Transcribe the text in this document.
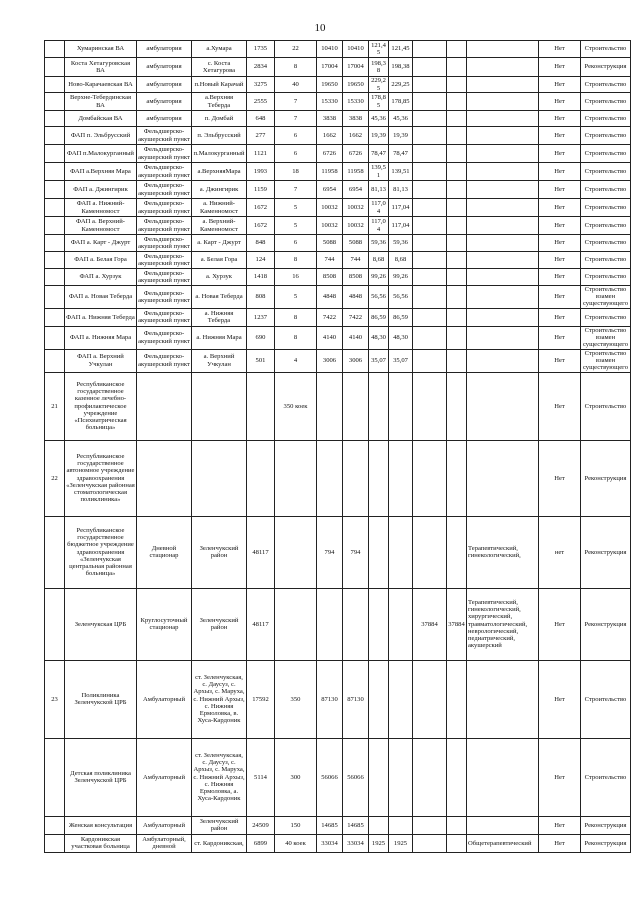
10
	Хумаринская ВА	амбулатория	а.Хумара	1735	22	10410	10410	121,45	121,45				Нет	Строительство
	Коста Хетагуровская ВА	амбулатория	с. Коста Хетагурова	2834	8	17004	17004	198,38	198,38				Нет	Реконструкция
	Ново-Карачаевская ВА	амбулатория	п.Новый Карачай	3275	40	19650	19650	229,25	229,25				Нет	Строительство
	Верхне-Тебердинская ВА	амбулатория	а.Верхняя Теберда	2555	7	15330	15330	178,85	178,85				Нет	Строительство
	Домбайская ВА	амбулатория	п. Домбай	648	7	3838	3838	45,36	45,36				Нет	Строительство
	ФАП п. Эльбрусский	Фельдшерско-акушерский пункт	п. Эльбрусский	277	6	1662	1662	19,39	19,39				Нет	Строительство
	ФАП п.Малокурганный	Фельдшерско-акушерский пункт	п.Малокурганный	1121	6	6726	6726	78,47	78,47				Нет	Строительство
	ФАП а.Верхняя Мара	Фельдшерско-акушерский пункт	а.ВерхняяМара	1993	18	11958	11958	139,51	139,51				Нет	Строительство
	ФАП а. Джингирик	Фельдшерско-акушерский пункт	а. Джингирик	1159	7	6954	6954	81,13	81,13				Нет	Строительство
	ФАП а. Нижний-Каменномост	Фельдшерско-акушерский пункт	а. Нижний-Каменномост	1672	5	10032	10032	117,04	117,04				Нет	Строительство
	ФАП а. Верхний-Каменномост	Фельдшерско-акушерский пункт	а. Верхний-Каменномост	1672	5	10032	10032	117,04	117,04				Нет	Строительство
	ФАП а. Карт - Джурт	Фельдшерско-акушерский пункт	а. Карт - Джурт	848	6	5088	5088	59,36	59,36				Нет	Строительство
	ФАП а. Белая Гора	Фельдшерско-акушерский пункт	а. Белая Гора	124	8	744	744	8,68	8,68				Нет	Строительство
	ФАП а. Хурзук	Фельдшерско-акушерский пункт	а. Хурзук	1418	16	8508	8508	99,26	99,26				Нет	Строительство
	ФАП а. Новая Теберда	Фельдшерско-акушерский пункт	а. Новая Теберда	808	5	4848	4848	56,56	56,56				Нет	Строительство взамен существующего
	ФАП а. Нижняя Теберда	Фельдшерско-акушерский пункт	а. Нижняя Теберда	1237	8	7422	7422	86,59	86,59				Нет	Строительство
	ФАП а. Нижняя Мара	Фельдшерско-акушерский пункт	а. Нижняя Мара	690	8	4140	4140	48,30	48,30				Нет	Строительство взамен существующего
	ФАП а. Верхний Учкулан	Фельдшерско-акушерский пункт	а. Верхний Учкулан	501	4	3006	3006	35,07	35,07				Нет	Строительство взамен существующего
21	Республиканское государственное казенное лечебно-профилактическое учреждение «Психиатрическая больница»				350 коек								Нет	Строительство
22	Республиканское государственное автономное учреждение здравоохранения «Зеленчукская районная стоматологическая поликлиника»												Нет	Реконструкция
	Республиканское государственное бюджетное учреждение здравоохранения «Зеленчукская центральная районная больница»	Дневной стационар	Зеленчукский район	48117		794	794					Терапевтический, гинекологический,	нет	Реконструкция
	Зеленчукская ЦРБ	Круглосуточный стационар	Зеленчукский район	48117						37884	37884	Терапевтический, гинекологический, хирургический, травматологический, неврологический, педиатрический, акушерский	Нет	Реконструкция
23	Поликлиника Зеленчукской ЦРБ	Амбулаторный	ст. Зеленчукская, с. Даусуз, с. Архыз, с. Маруха, с. Нижний Архыз, с. Нижняя Ермоловка, в. Хуса-Кардоник	17592	350	87130	87130						Нет	Строительство
	Детская поликлиника Зеленчукской ЦРБ	Амбулаторный	ст. Зеленчукская, с. Даусуз, с. Архыз, с. Маруха, с. Нижний Архыз, с. Нижняя Ермоловка, а. Хуса-Кардоник	5114	300	56066	56066						Нет	Строительство
	Женская консультация	Амбулаторный	Зеленчукский район	24509	150	14685	14685						Нет	Реконструкция
	Кардоникская участковая больница	Амбулаторный, дневной	ст. Кардоникская,	6899	40 коек	33034	33034	1925	1925			Общетерапевтический	Нет	Реконструкция
